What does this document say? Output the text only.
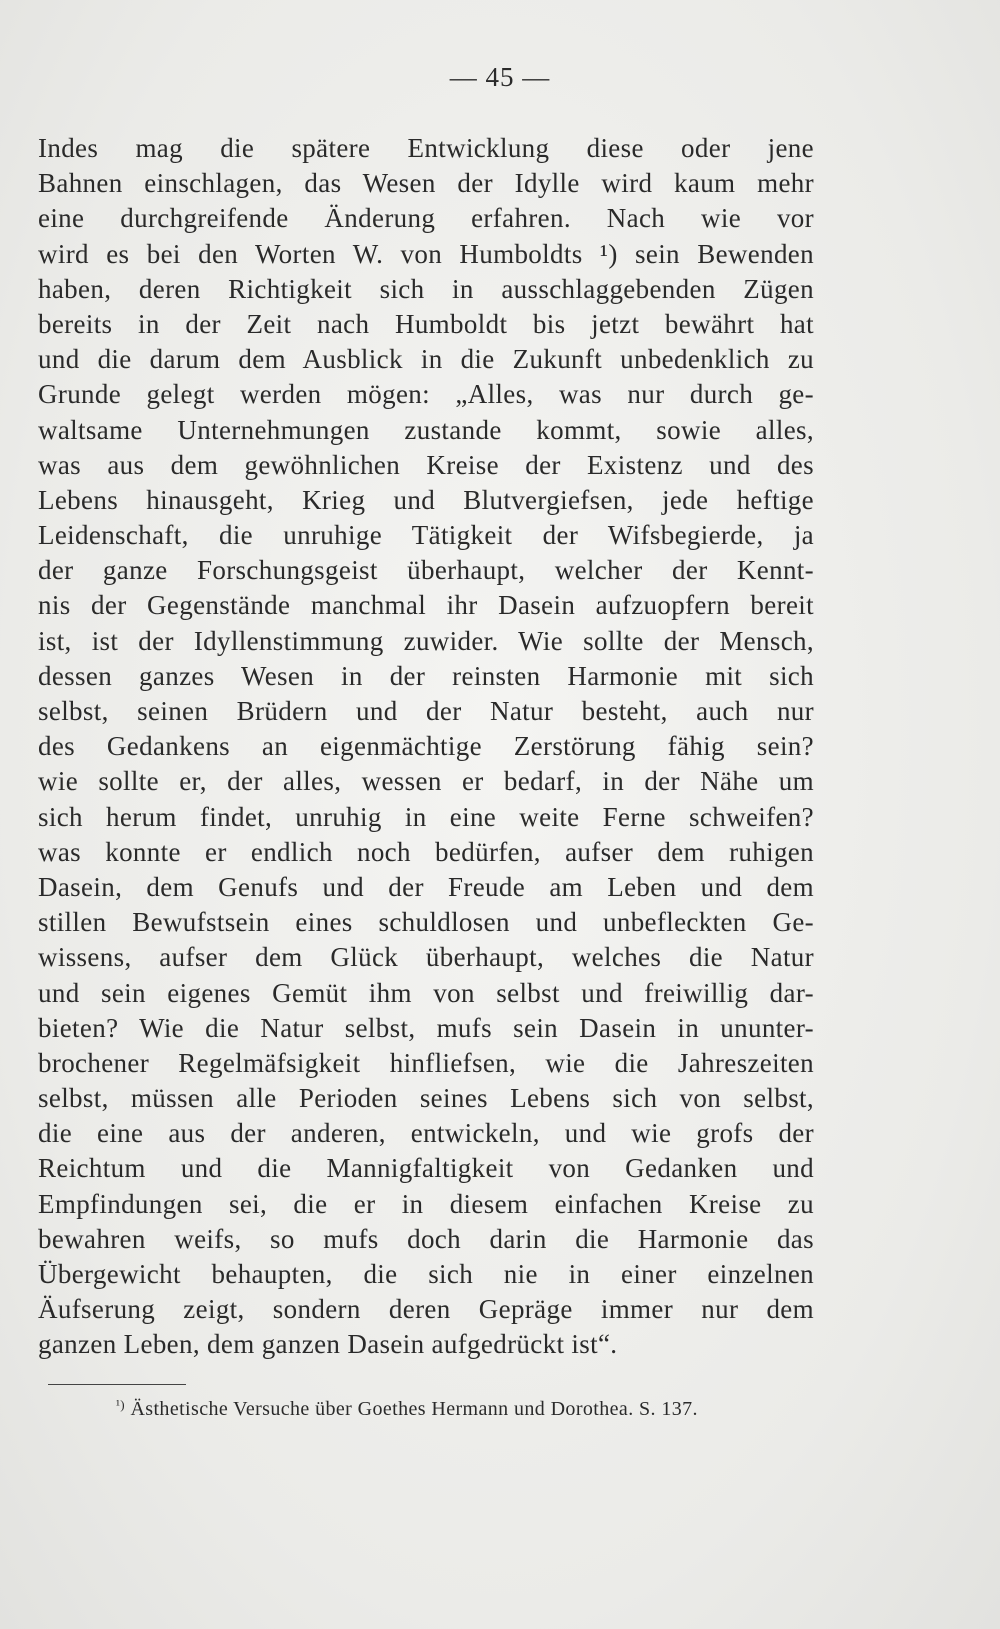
— 45 —
Indes mag die spätere Entwicklung diese oder jene
Bahnen einschlagen, das Wesen der Idylle wird kaum mehr
eine durchgreifende Änderung erfahren. Nach wie vor
wird es bei den Worten W. von Humboldts ¹) sein Bewenden
haben, deren Richtigkeit sich in ausschlaggebenden Zügen
bereits in der Zeit nach Humboldt bis jetzt bewährt hat
und die darum dem Ausblick in die Zukunft unbedenklich zu
Grunde gelegt werden mögen: „Alles, was nur durch ge-
waltsame Unternehmungen zustande kommt, sowie alles,
was aus dem gewöhnlichen Kreise der Existenz und des
Lebens hinausgeht, Krieg und Blutvergiefsen, jede heftige
Leidenschaft, die unruhige Tätigkeit der Wifsbegierde, ja
der ganze Forschungsgeist überhaupt, welcher der Kennt-
nis der Gegenstände manchmal ihr Dasein aufzuopfern bereit
ist, ist der Idyllenstimmung zuwider. Wie sollte der Mensch,
dessen ganzes Wesen in der reinsten Harmonie mit sich
selbst, seinen Brüdern und der Natur besteht, auch nur
des Gedankens an eigenmächtige Zerstörung fähig sein?
wie sollte er, der alles, wessen er bedarf, in der Nähe um
sich herum findet, unruhig in eine weite Ferne schweifen?
was konnte er endlich noch bedürfen, aufser dem ruhigen
Dasein, dem Genufs und der Freude am Leben und dem
stillen Bewufstsein eines schuldlosen und unbefleckten Ge-
wissens, aufser dem Glück überhaupt, welches die Natur
und sein eigenes Gemüt ihm von selbst und freiwillig dar-
bieten? Wie die Natur selbst, mufs sein Dasein in ununter-
brochener Regelmäfsigkeit hinfliefsen, wie die Jahreszeiten
selbst, müssen alle Perioden seines Lebens sich von selbst,
die eine aus der anderen, entwickeln, und wie grofs der
Reichtum und die Mannigfaltigkeit von Gedanken und
Empfindungen sei, die er in diesem einfachen Kreise zu
bewahren weifs, so mufs doch darin die Harmonie das
Übergewicht behaupten, die sich nie in einer einzelnen
Äufserung zeigt, sondern deren Gepräge immer nur dem
ganzen Leben, dem ganzen Dasein aufgedrückt ist“.
$^{^1)}$ Ästhetische Versuche über Goethes Hermann und Dorothea. S. 137.
